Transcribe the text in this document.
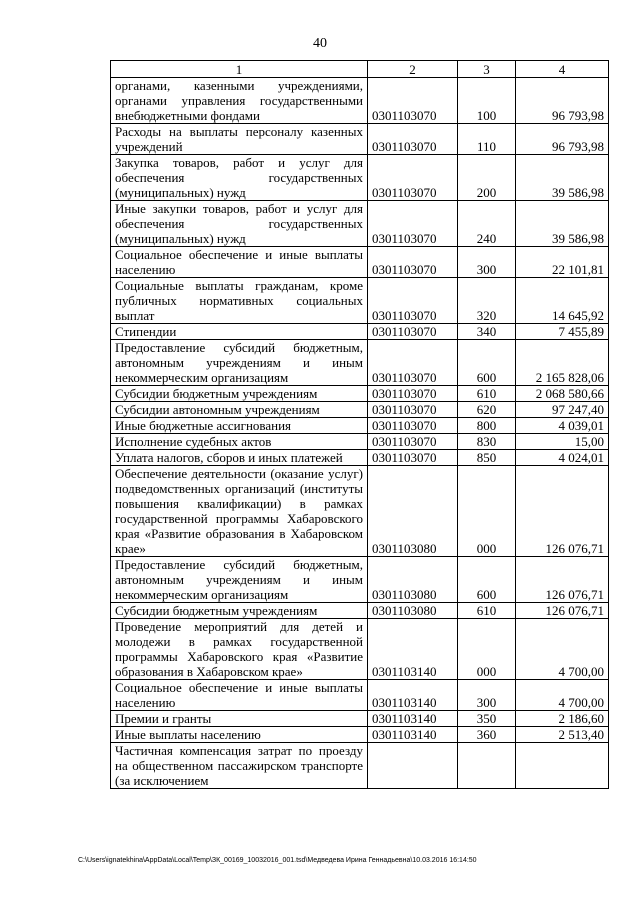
40
1	2	3	4
органами, казенными учреждениями, органами управления государственными внебюджетными фондами	0301103070	100	96 793,98
Расходы на выплаты персоналу казенных учреждений	0301103070	110	96 793,98
Закупка товаров, работ и услуг для обеспечения государственных (муниципальных) нужд	0301103070	200	39 586,98
Иные закупки товаров, работ и услуг для обеспечения государственных (муниципальных) нужд	0301103070	240	39 586,98
Социальное обеспечение и иные выплаты населению	0301103070	300	22 101,81
Социальные выплаты гражданам, кроме публичных нормативных социальных выплат	0301103070	320	14 645,92
Стипендии	0301103070	340	7 455,89
Предоставление субсидий бюджетным, автономным учреждениям и иным некоммерческим организациям	0301103070	600	2 165 828,06
Субсидии бюджетным учреждениям	0301103070	610	2 068 580,66
Субсидии автономным учреждениям	0301103070	620	97 247,40
Иные бюджетные ассигнования	0301103070	800	4 039,01
Исполнение судебных актов	0301103070	830	15,00
Уплата налогов, сборов и иных платежей	0301103070	850	4 024,01
Обеспечение деятельности (оказание услуг) подведомственных организаций (институты повышения квалификации) в рамках государственной программы Хабаровского края «Развитие образования в Хабаровском крае»	0301103080	000	126 076,71
Предоставление субсидий бюджетным, автономным учреждениям и иным некоммерческим организациям	0301103080	600	126 076,71
Субсидии бюджетным учреждениям	0301103080	610	126 076,71
Проведение мероприятий для детей и молодежи в рамках государственной программы Хабаровского края «Развитие образования в Хабаровском крае»	0301103140	000	4 700,00
Социальное обеспечение и иные выплаты населению	0301103140	300	4 700,00
Премии и гранты	0301103140	350	2 186,60
Иные выплаты населению	0301103140	360	2 513,40
Частичная компенсация затрат по проезду на общественном пассажирском транспорте (за исключением			
C:\Users\ignatekhina\AppData\Local\Temp\ЗК_00169_10032016_001.tsd\Медведева Ирина Геннадьевна\10.03.2016 16:14:50
